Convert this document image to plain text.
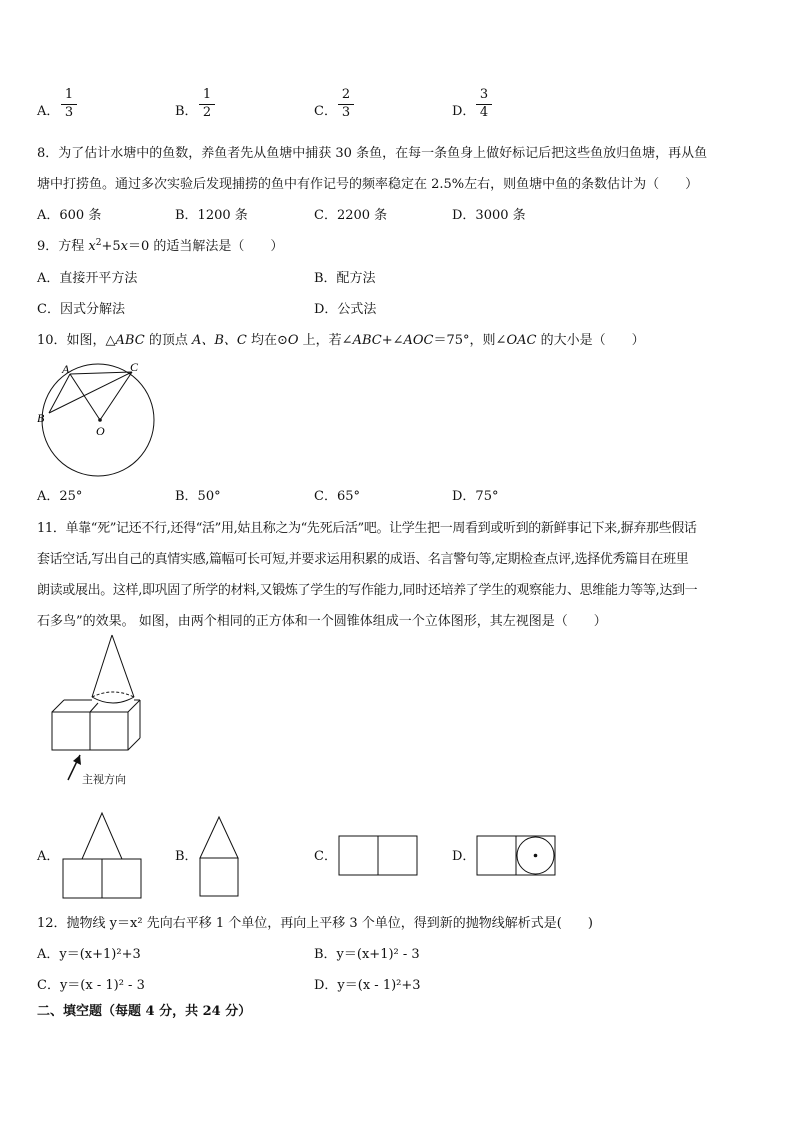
A．
1
3	B．
1
2	C．
2
3	D．
3
4
8．为了估计水塘中的鱼数，养鱼者先从鱼塘中捕获 30 条鱼，在每一条鱼身上做好标记后把这些鱼放归鱼塘，再从鱼
塘中打捞鱼。通过多次实验后发现捕捞的鱼中有作记号的频率稳定在 2.5%左右，则鱼塘中鱼的条数估计为（　　）
A．600 条	B．1200 条	C．2200 条	D．3000 条
9．方程 $x^2+5x=0$ 的适当解法是（　　）
A．直接开平方法	B．配方法
C．因式分解法	D．公式法
10．如图，△ABC 的顶点 A、B、C 均在⊙O 上，若∠ABC+∠AOC＝75°，则∠OAC 的大小是（　　）
A	C
B
O
A．25°	B．50°	C．65°	D．75°
11．单靠“死”记还不行,还得“活”用,姑且称之为“先死后活”吧。让学生把一周看到或听到的新鲜事记下来,摒弃那些假话
套话空话,写出自己的真情实感,篇幅可长可短,并要求运用积累的成语、名言警句等,定期检查点评,选择优秀篇目在班里
朗读或展出。这样,即巩固了所学的材料,又锻炼了学生的写作能力,同时还培养了学生的观察能力、思维能力等等,达到一
石多鸟”的效果。 如图，由两个相同的正方体和一个圆锥体组成一个立体图形，其左视图是（　　）
主视方向
A．	B．	C．	D．
12．抛物线 y＝x² 先向右平移 1 个单位，再向上平移 3 个单位，得到新的抛物线解析式是(　　)
A．y＝(x+1)²+3	B．y＝(x+1)² - 3
C．y＝(x - 1)² - 3	D．y＝(x - 1)²+3
二、填空题（每题 4 分，共 24 分）
